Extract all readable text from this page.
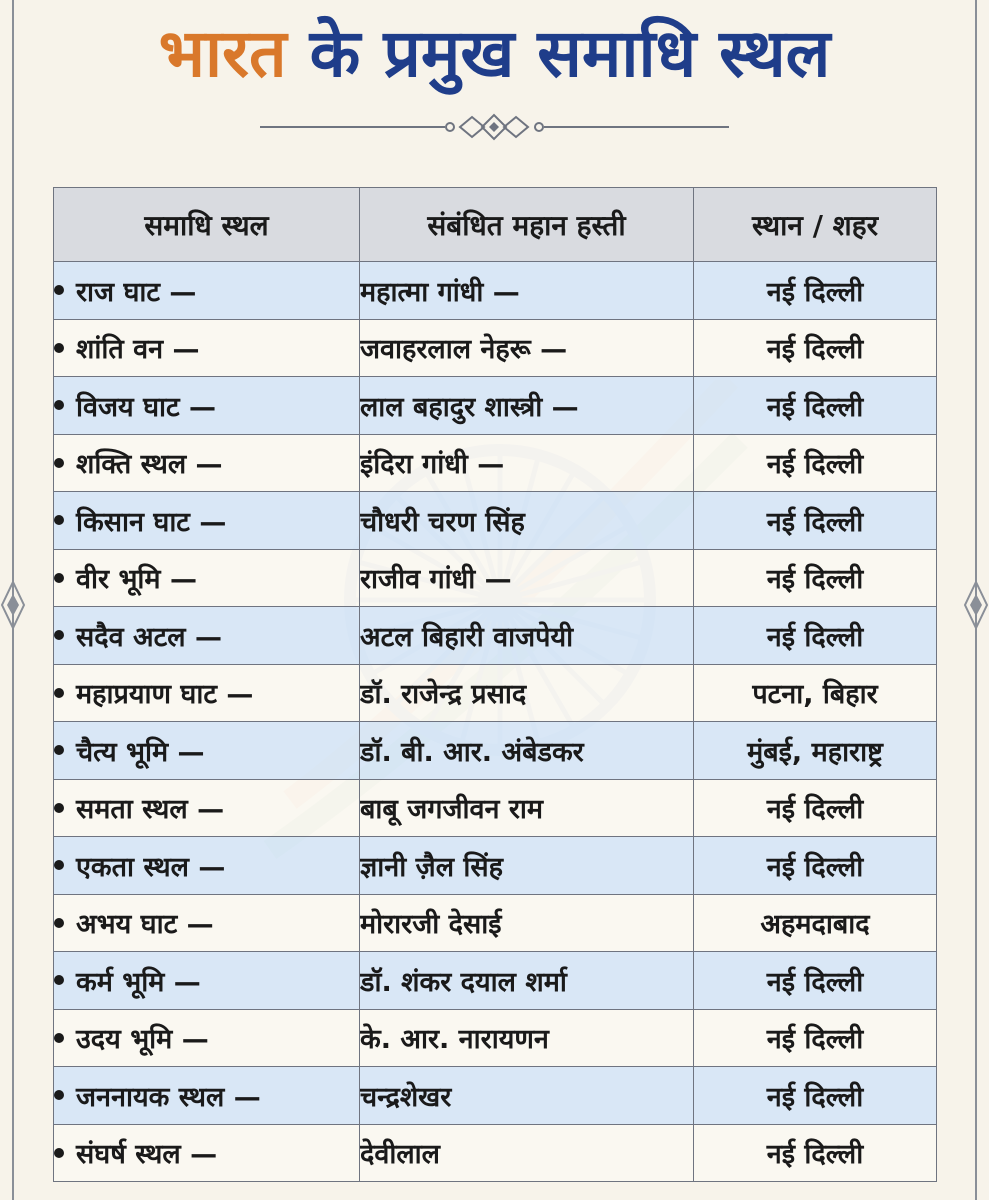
भारत के प्रमुख समाधि स्थल
समाधि स्थल	संबंधित महान हस्ती	स्थान / शहर
राज घाट —	महात्मा गांधी —	नई दिल्ली
शांति वन —	जवाहरलाल नेहरू —	नई दिल्ली
विजय घाट —	लाल बहादुर शास्त्री —	नई दिल्ली
शक्ति स्थल —	इंदिरा गांधी —	नई दिल्ली
किसान घाट —	चौधरी चरण सिंह	नई दिल्ली
वीर भूमि —	राजीव गांधी —	नई दिल्ली
सदैव अटल —	अटल बिहारी वाजपेयी	नई दिल्ली
महाप्रयाण घाट —	डॉ. राजेन्द्र प्रसाद	पटना, बिहार
चैत्य भूमि —	डॉ. बी. आर. अंबेडकर	मुंबई, महाराष्ट्र
समता स्थल —	बाबू जगजीवन राम	नई दिल्ली
एकता स्थल —	ज्ञानी ज़ैल सिंह	नई दिल्ली
अभय घाट —	मोरारजी देसाई	अहमदाबाद
कर्म भूमि —	डॉ. शंकर दयाल शर्मा	नई दिल्ली
उदय भूमि —	के. आर. नारायणन	नई दिल्ली
जननायक स्थल —	चन्द्रशेखर	नई दिल्ली
संघर्ष स्थल —	देवीलाल	नई दिल्ली
